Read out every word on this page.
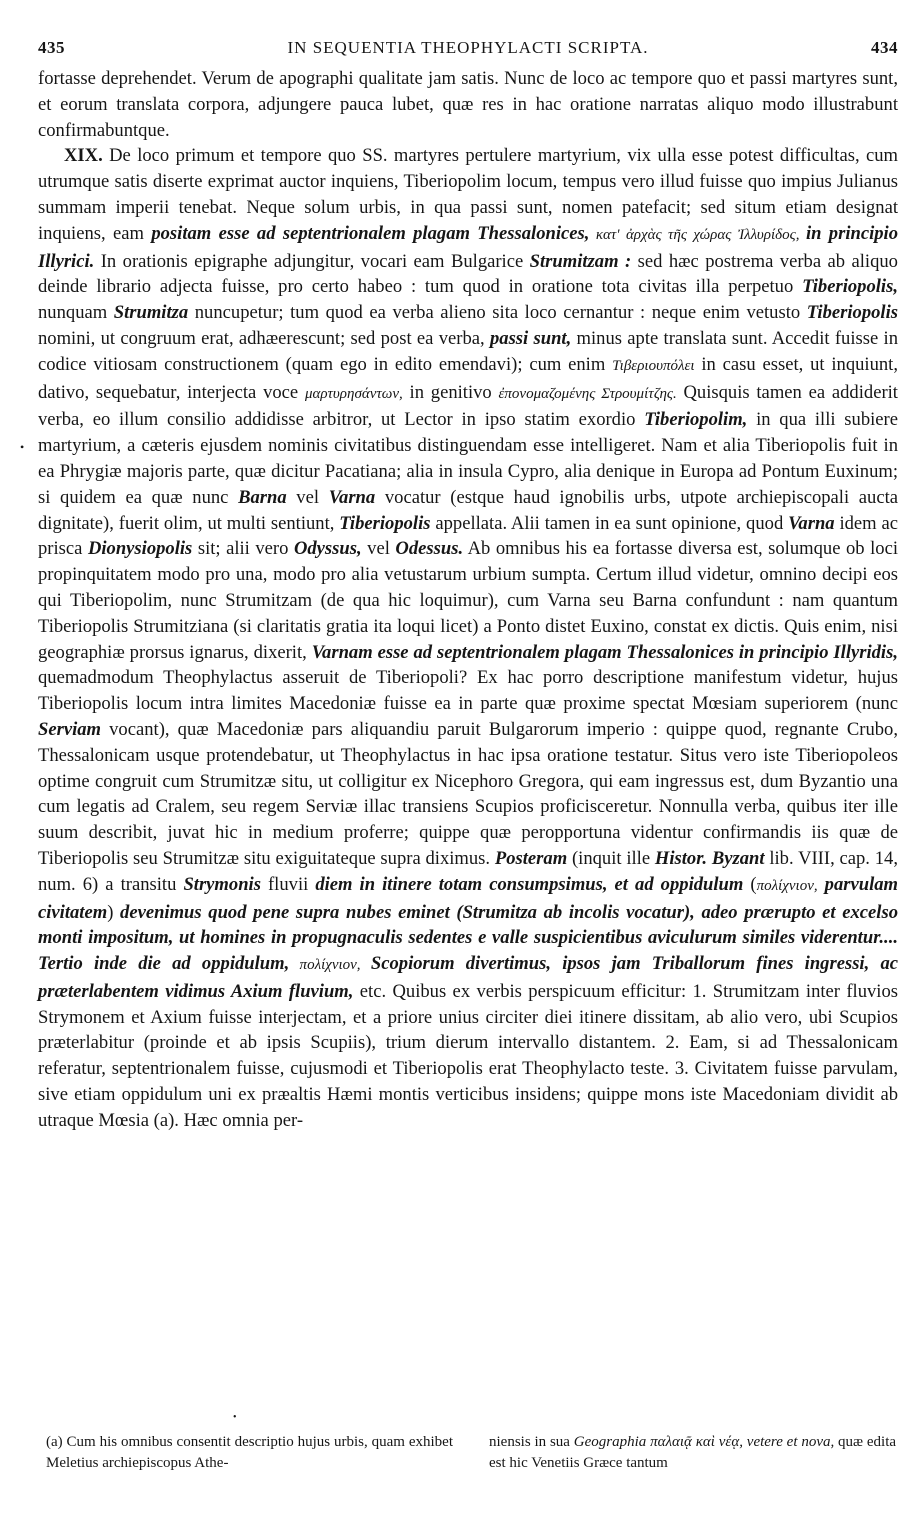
435	IN SEQUENTIA THEOPHYLACTI SCRIPTA.	434

fortasse deprehendet. Verum de apographi qualitate jam satis. Nunc de loco ac tempore quo et passi martyres sunt, et eorum translata corpora, adjungere pauca lubet, quæ res in hac oratione narratas aliquo modo illustrabunt confirmabuntque.

XIX. De loco primum et tempore quo SS. martyres pertulere martyrium, vix ulla esse potest difficultas, cum utrumque satis diserte exprimat auctor inquiens, Tiberiopolim locum, tempus vero illud fuisse quo impius Julianus summam imperii tenebat. Neque solum urbis, in qua passi sunt, nomen patefacit; sed situm etiam designat inquiens, eam positam esse ad septentrionalem plagam Thessalonices, κατ' ἀρχὰς τῆς χώρας Ἰλλυρίδος, in principio Illyrici. In orationis epigraphe adjungitur, vocari eam Bulgarice Strumitzam : sed hæc postrema verba ab aliquo deinde librario adjecta fuisse, pro certo habeo : tum quod in oratione tota civitas illa perpetuo Tiberiopolis, nunquam Strumitza nuncupetur; tum quod ea verba alieno sita loco cernantur : neque enim vetusto Tiberiopolis nomini, ut congruum erat, adhæerescunt; sed post ea verba, passi sunt, minus apte translata sunt. Accedit fuisse in codice vitiosam constructionem (quam ego in edito emendavi); cum enim Τιβεριουπόλει in casu esset, ut inquiunt, dativo, sequebatur, interjecta voce μαρτυρησάντων, in genitivo ἐπονομαζομένης Στρουμίτζης. Quisquis tamen ea addiderit verba, eo illum consilio addidisse arbitror, ut Lector in ipso statim exordio Tiberiopolim, in qua illi subiere martyrium, a cæteris ejusdem nominis civitatibus distinguendam esse intelligeret. Nam et alia Tiberiopolis fuit in ea Phrygiæ majoris parte, quæ dicitur Pacatiana; alia in insula Cypro, alia denique in Europa ad Pontum Euxinum; si quidem ea quæ nunc Barna vel Varna vocatur (estque haud ignobilis urbs, utpote archiepiscopali aucta dignitate), fuerit olim, ut multi sentiunt, Tiberiopolis appellata. Alii tamen in ea sunt opinione, quod Varna idem ac prisca Dionysiopolis sit; alii vero Odyssus, vel Odessus. Ab omnibus his ea fortasse diversa est, solumque ob loci propinquitatem modo pro una, modo pro alia vetustarum urbium sumpta. Certum illud videtur, omnino decipi eos qui Tiberiopolim, nunc Strumitzam (de qua hic loquimur), cum Varna seu Barna confundunt : nam quantum Tiberiopolis Strumitziana (si claritatis gratia ita loqui licet) a Ponto distet Euxino, constat ex dictis. Quis enim, nisi geographiæ prorsus ignarus, dixerit, Varnam esse ad septentrionalem plagam Thessalonices in principio Illyridis, quemadmodum Theophylactus asseruit de Tiberiopoli? Ex hac porro descriptione manifestum videtur, hujus Tiberiopolis locum intra limites Macedoniæ fuisse ea in parte quæ proxime spectat Mœsiam superiorem (nunc Serviam vocant), quæ Macedoniæ pars aliquandiu paruit Bulgarorum imperio : quippe quod, regnante Crubo, Thessalonicam usque protendebatur, ut Theophylactus in hac ipsa oratione testatur. Situs vero iste Tiberiopoleos optime congruit cum Strumitzæ situ, ut colligitur ex Nicephoro Gregora, qui eam ingressus est, dum Byzantio una cum legatis ad Cralem, seu regem Serviæ illac transiens Scupios proficisceretur. Nonnulla verba, quibus iter ille suum describit, juvat hic in medium proferre; quippe quæ peropportuna videntur confirmandis iis quæ de Tiberiopolis seu Strumitzæ situ exiguitateque supra diximus. Posteram (inquit ille Histor. Byzant lib. VIII, cap. 14, num. 6) a transitu Strymonis fluvii diem in itinere totam consumpsimus, et ad oppidulum (πολίχνιον, parvulam civitatem) devenimus quod pene supra nubes eminet (Strumitza ab incolis vocatur), adeo prærupto et excelso monti impositum, ut homines in propugnaculis sedentes e valle suspicientibus aviculurum similes viderentur.... Tertio inde die ad oppidulum, πολίχνιον, Scopiorum divertimus, ipsos jam Triballorum fines ingressi, ac præterlabentem vidimus Axium fluvium, etc. Quibus ex verbis perspicuum efficitur: 1. Strumitzam inter fluvios Strymonem et Axium fuisse interjectam, et a priore unius circiter diei itinere dissitam, ab alio vero, ubi Scupios præterlabitur (proinde et ab ipsis Scupiis), trium dierum intervallo distantem. 2. Eam, si ad Thessalonicam referatur, septentrionalem fuisse, cujusmodi et Tiberiopolis erat Theophylacto teste. 3. Civitatem fuisse parvulam, sive etiam oppidulum uni ex præaltis Hæmi montis verticibus insidens; quippe mons iste Macedoniam dividit ab utraque Mœsia (a). Hæc omnia per-

•
•
(a) Cum his omnibus consentit descriptio hujus urbis, quam exhibet Meletius archiepiscopus Athe-
niensis in sua Geographia παλαιᾷ καὶ νέᾳ, vetere et nova, quæ edita est hic Venetiis Græce tantum
